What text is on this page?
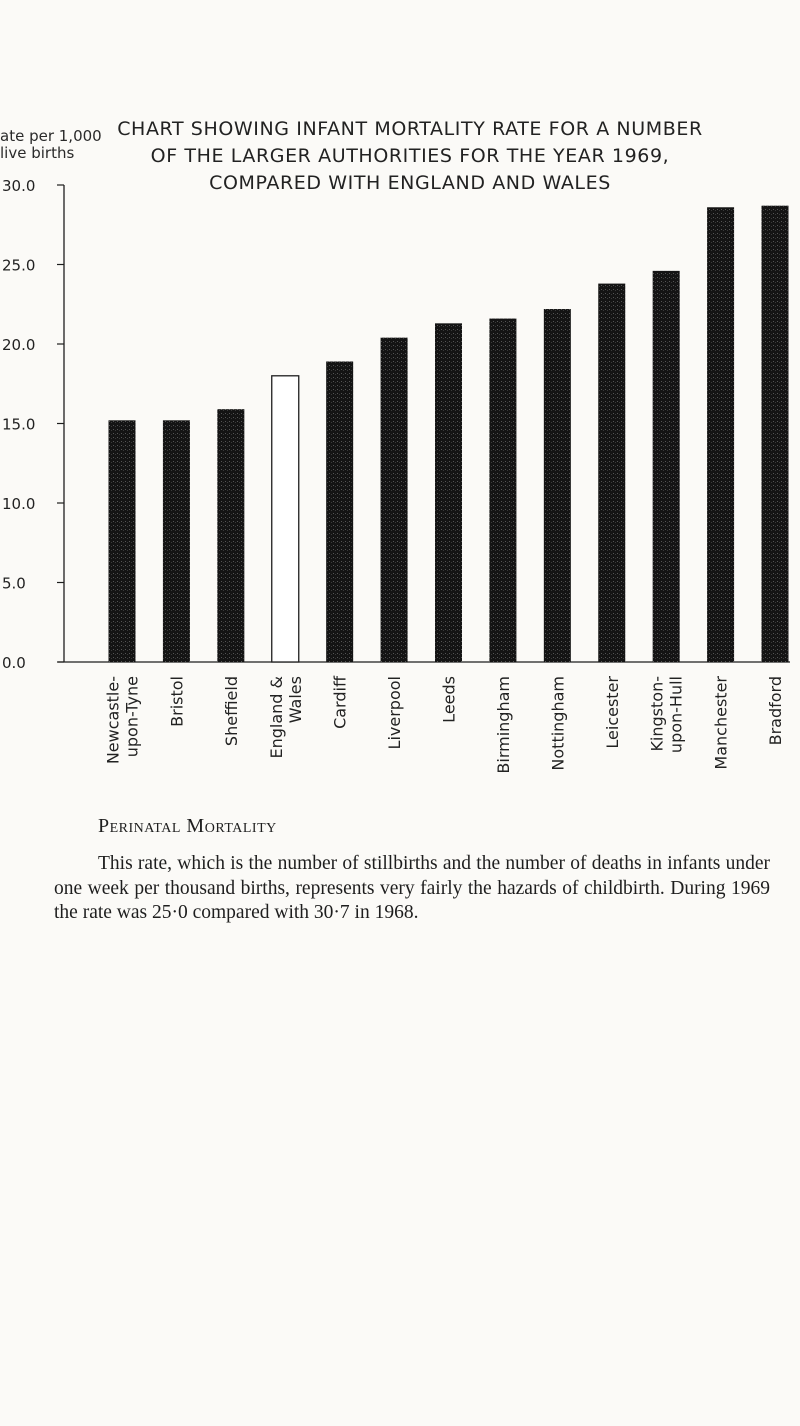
ate per 1,000
live births
CHART SHOWING INFANT MORTALITY RATE FOR A NUMBER
OF THE LARGER AUTHORITIES FOR THE YEAR 1969,
COMPARED WITH ENGLAND AND WALES
0.0
5.0
10.0
15.0
20.0
25.0
30.0
Newcastle- upon-Tyne Bristol Sheffield England & Wales Cardiff Liverpool Leeds Birmingham Nottingham Leicester Kingston- upon-Hull Manchester Bradford
Perinatal Mortality
This rate, which is the number of stillbirths and the number of deaths in infants under one week per thousand births, represents very fairly the hazards of childbirth. During 1969 the rate was 25·0 compared with 30·7 in 1968.
